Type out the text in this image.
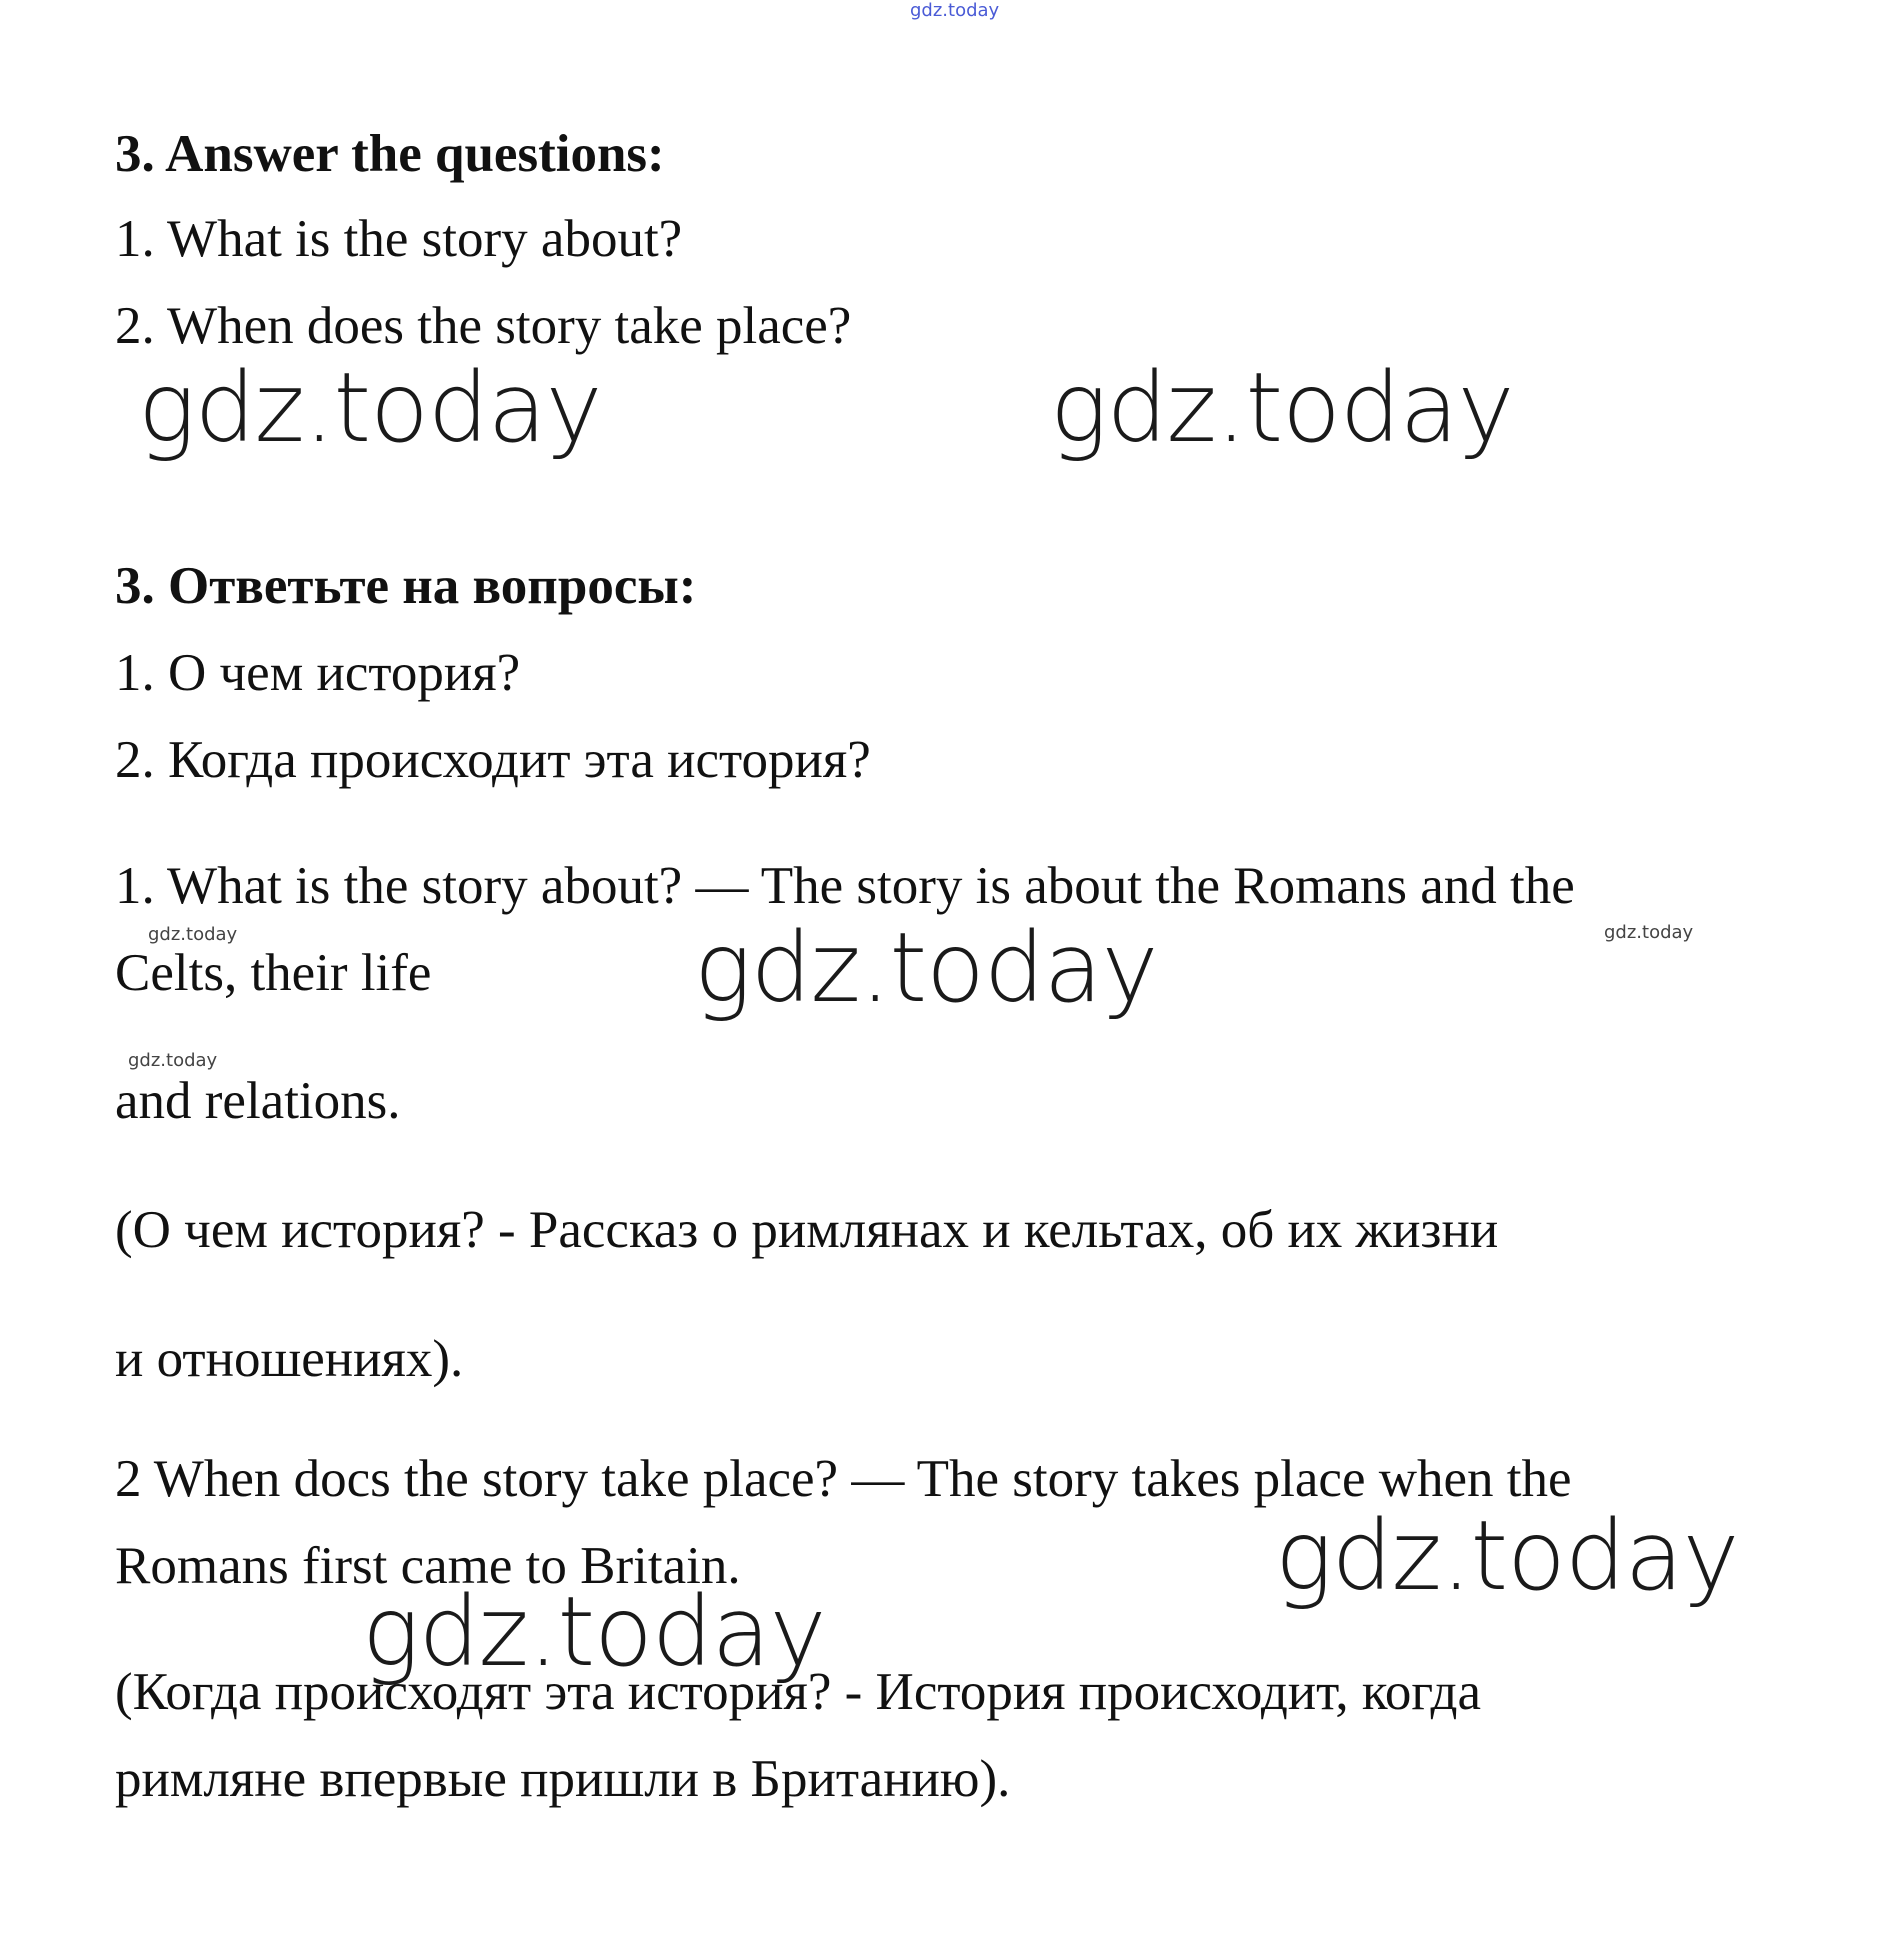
gdz.today
3. Answer the questions:
1. What is the story about?
2. When does the story take place?
gdz.today	gdz.today
3. Ответьте на вопросы:
1. О чем история?
2. Когда происходит эта история?
1. What is the story about? — The story is about the Romans and the
gdz.today	gdz.today
Celts, their life	gdz.today
gdz.today
and relations.
(О чем история? - Рассказ о римлянах и кельтах, об их жизни
и отношениях).
2 When docs the story take place? — The story takes place when the
gdz.today
Romans first came to Britain.
gdz.today
(Когда происходят эта история? - История происходит, когда
римляне впервые пришли в Британию).
